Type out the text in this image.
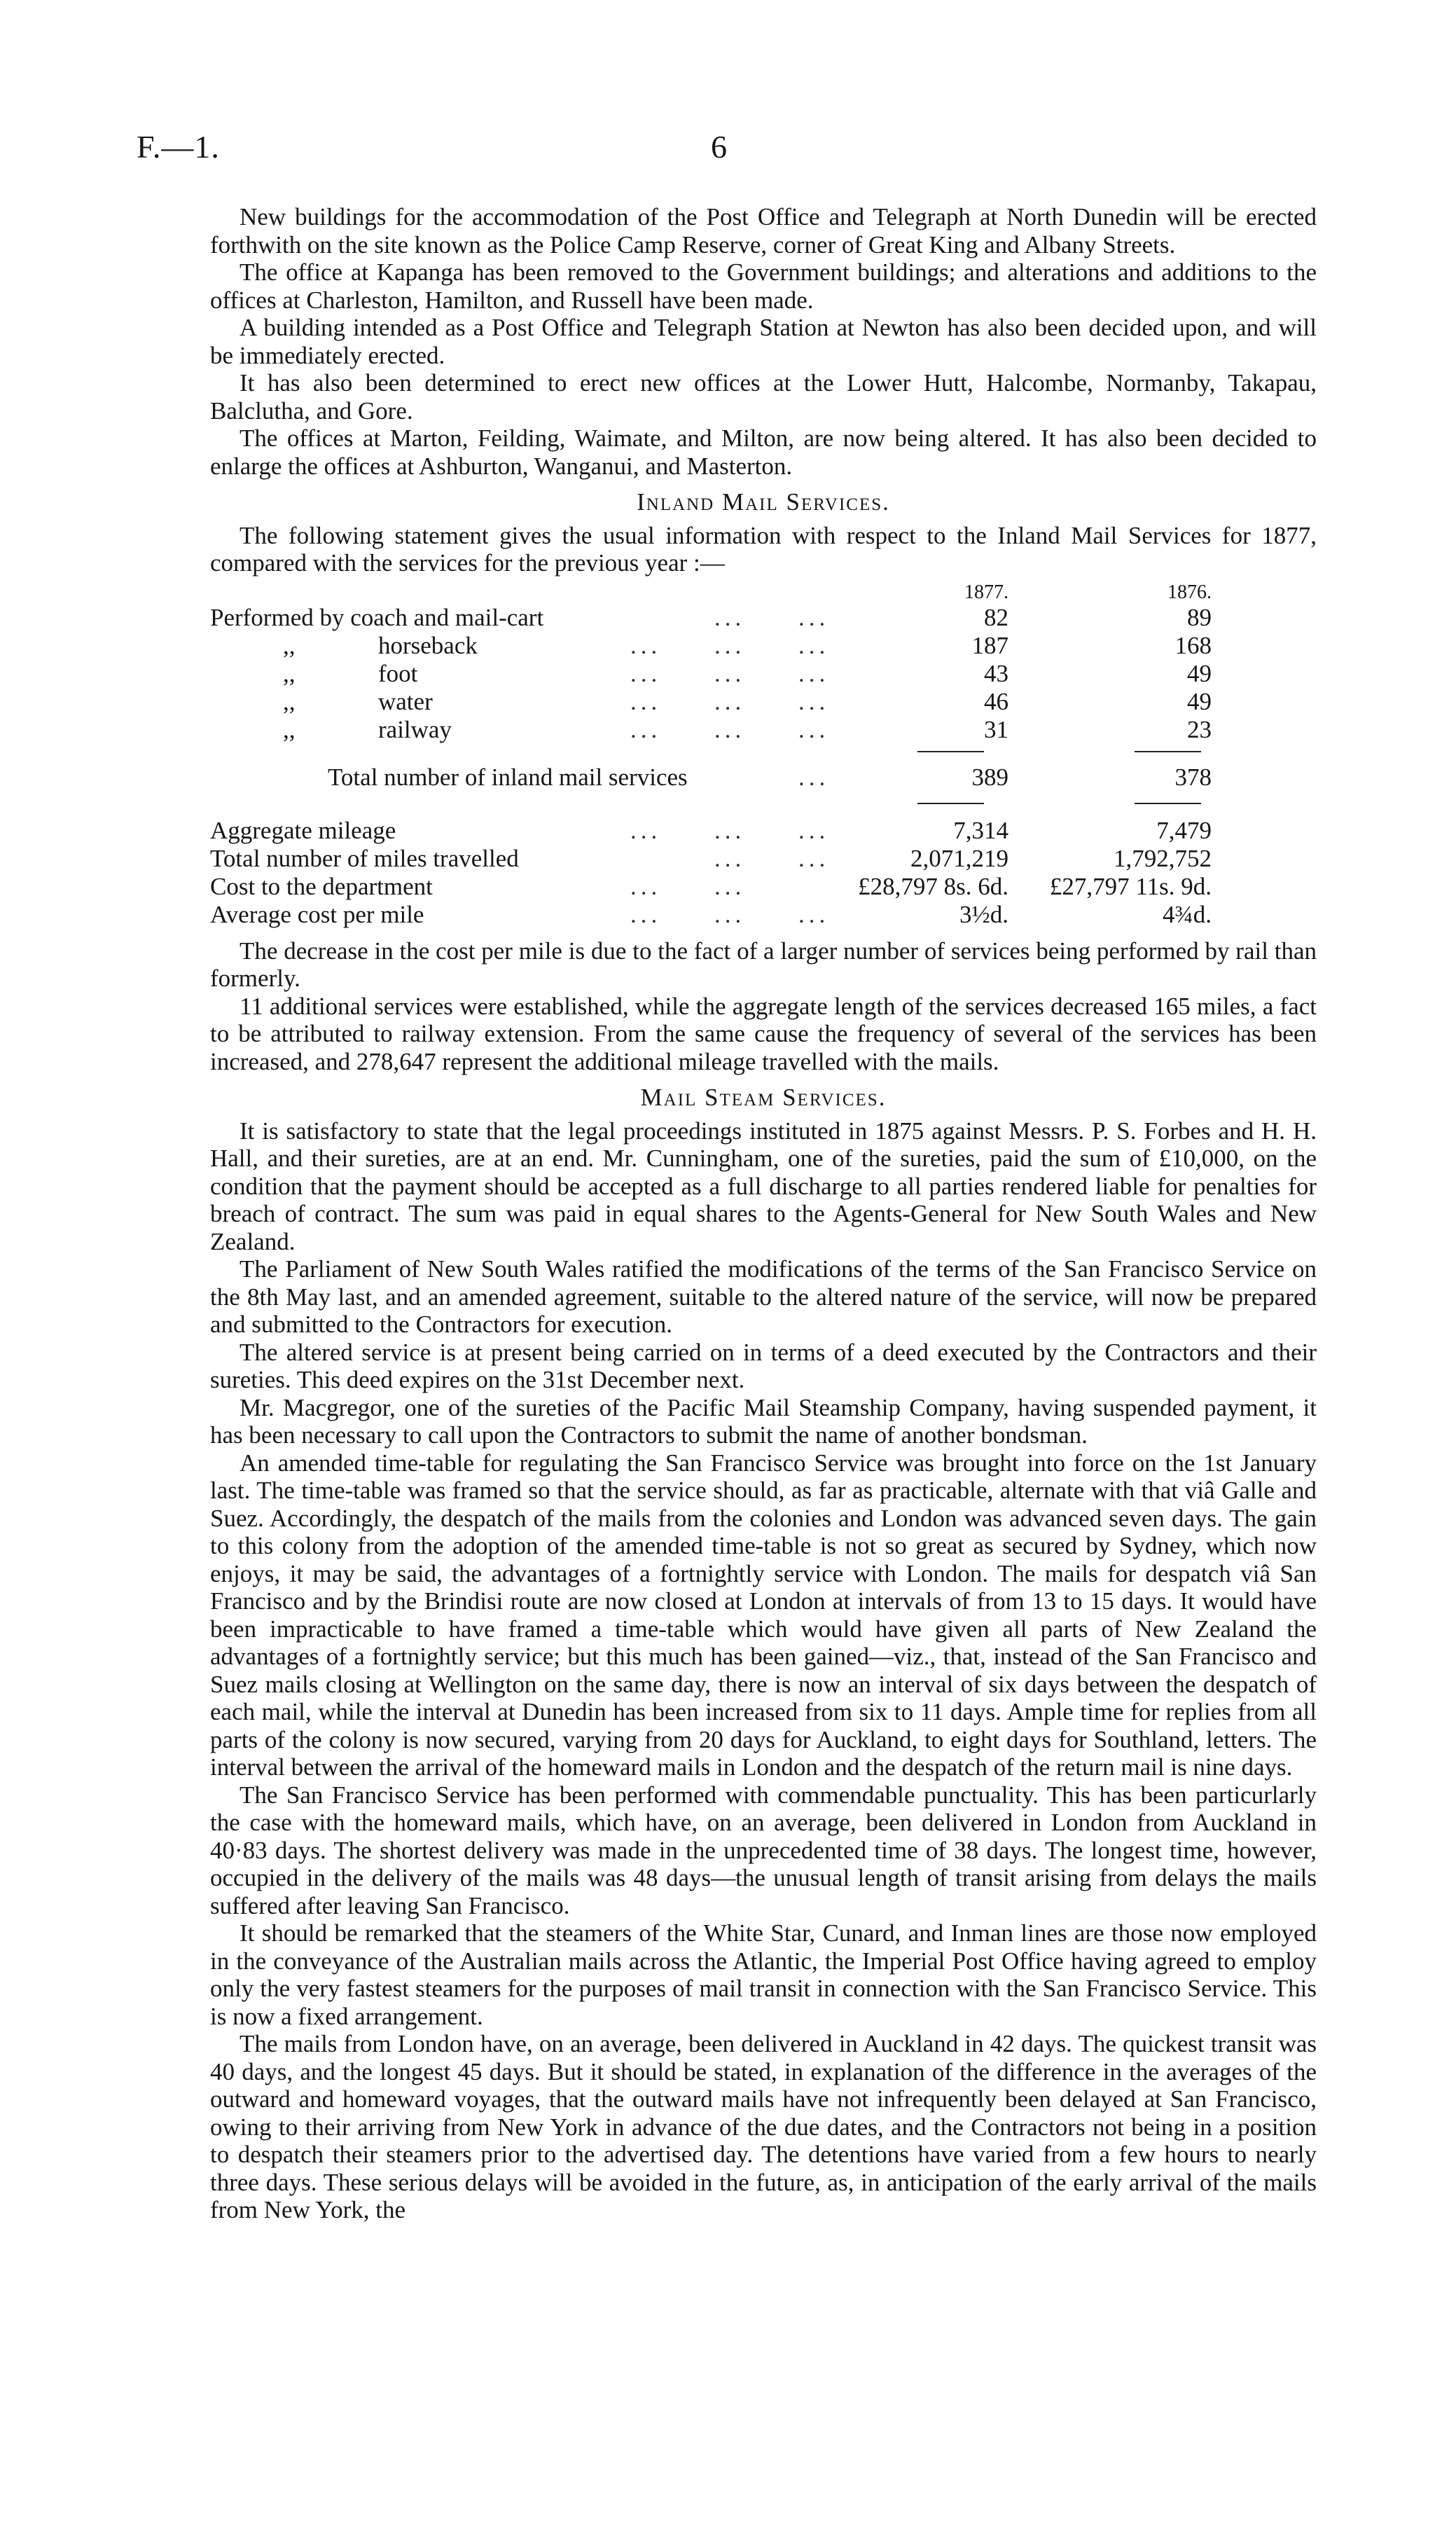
F.—1.	6

New buildings for the accommodation of the Post Office and Telegraph at North Dunedin will be erected forthwith on the site known as the Police Camp Reserve, corner of Great King and Albany Streets.

The office at Kapanga has been removed to the Government buildings; and alterations and additions to the offices at Charleston, Hamilton, and Russell have been made.

A building intended as a Post Office and Telegraph Station at Newton has also been decided upon, and will be immediately erected.

It has also been determined to erect new offices at the Lower Hutt, Halcombe, Normanby, Takapau, Balclutha, and Gore.

The offices at Marton, Feilding, Waimate, and Milton, are now being altered. It has also been decided to enlarge the offices at Ashburton, Wanganui, and Masterton.

Inland Mail Services.

The following statement gives the usual information with respect to the Inland Mail Services for 1877, compared with the services for the previous year :—

1877.	1876.
Performed by coach and mail-cart	... ...	82	89
,,	horseback	... ... ...	187	168
,,	foot	... ... ...	43	49
,,	water	... ... ...	46	49
,,	railway	... ... ...	31	23
Total number of inland mail services	...	389	378
Aggregate mileage	... ... ...	7,314	7,479
Total number of miles travelled	... ...	2,071,219	1,792,752
Cost to the department	... ...	£28,797 8s. 6d. £27,797 11s. 9d.
Average cost per mile	... ... ...	3½d.	4¾d.

The decrease in the cost per mile is due to the fact of a larger number of services being performed by rail than formerly.

11 additional services were established, while the aggregate length of the services decreased 165 miles, a fact to be attributed to railway extension. From the same cause the frequency of several of the services has been increased, and 278,647 represent the additional mileage travelled with the mails.

Mail Steam Services.

It is satisfactory to state that the legal proceedings instituted in 1875 against Messrs. P. S. Forbes and H. H. Hall, and their sureties, are at an end. Mr. Cunningham, one of the sureties, paid the sum of £10,000, on the condition that the payment should be accepted as a full discharge to all parties rendered liable for penalties for breach of contract. The sum was paid in equal shares to the Agents-General for New South Wales and New Zealand.

The Parliament of New South Wales ratified the modifications of the terms of the San Francisco Service on the 8th May last, and an amended agreement, suitable to the altered nature of the service, will now be prepared and submitted to the Contractors for execution.

The altered service is at present being carried on in terms of a deed executed by the Contractors and their sureties. This deed expires on the 31st December next.

Mr. Macgregor, one of the sureties of the Pacific Mail Steamship Company, having suspended payment, it has been necessary to call upon the Contractors to submit the name of another bondsman.

An amended time-table for regulating the San Francisco Service was brought into force on the 1st January last. The time-table was framed so that the service should, as far as practicable, alternate with that viâ Galle and Suez. Accordingly, the despatch of the mails from the colonies and London was advanced seven days. The gain to this colony from the adoption of the amended time-table is not so great as secured by Sydney, which now enjoys, it may be said, the advantages of a fortnightly service with London. The mails for despatch viâ San Francisco and by the Brindisi route are now closed at London at intervals of from 13 to 15 days. It would have been impracticable to have framed a time-table which would have given all parts of New Zealand the advantages of a fortnightly service; but this much has been gained—viz., that, instead of the San Francisco and Suez mails closing at Wellington on the same day, there is now an interval of six days between the despatch of each mail, while the interval at Dunedin has been increased from six to 11 days. Ample time for replies from all parts of the colony is now secured, varying from 20 days for Auckland, to eight days for Southland, letters. The interval between the arrival of the homeward mails in London and the despatch of the return mail is nine days.

The San Francisco Service has been performed with commendable punctuality. This has been particurlarly the case with the homeward mails, which have, on an average, been delivered in London from Auckland in 40·83 days. The shortest delivery was made in the unprecedented time of 38 days. The longest time, however, occupied in the delivery of the mails was 48 days—the unusual length of transit arising from delays the mails suffered after leaving San Francisco.

It should be remarked that the steamers of the White Star, Cunard, and Inman lines are those now employed in the conveyance of the Australian mails across the Atlantic, the Imperial Post Office having agreed to employ only the very fastest steamers for the purposes of mail transit in connection with the San Francisco Service. This is now a fixed arrangement.

The mails from London have, on an average, been delivered in Auckland in 42 days. The quickest transit was 40 days, and the longest 45 days. But it should be stated, in explanation of the difference in the averages of the outward and homeward voyages, that the outward mails have not infrequently been delayed at San Francisco, owing to their arriving from New York in advance of the due dates, and the Contractors not being in a position to despatch their steamers prior to the advertised day. The detentions have varied from a few hours to nearly three days. These serious delays will be avoided in the future, as, in anticipation of the early arrival of the mails from New York, the
